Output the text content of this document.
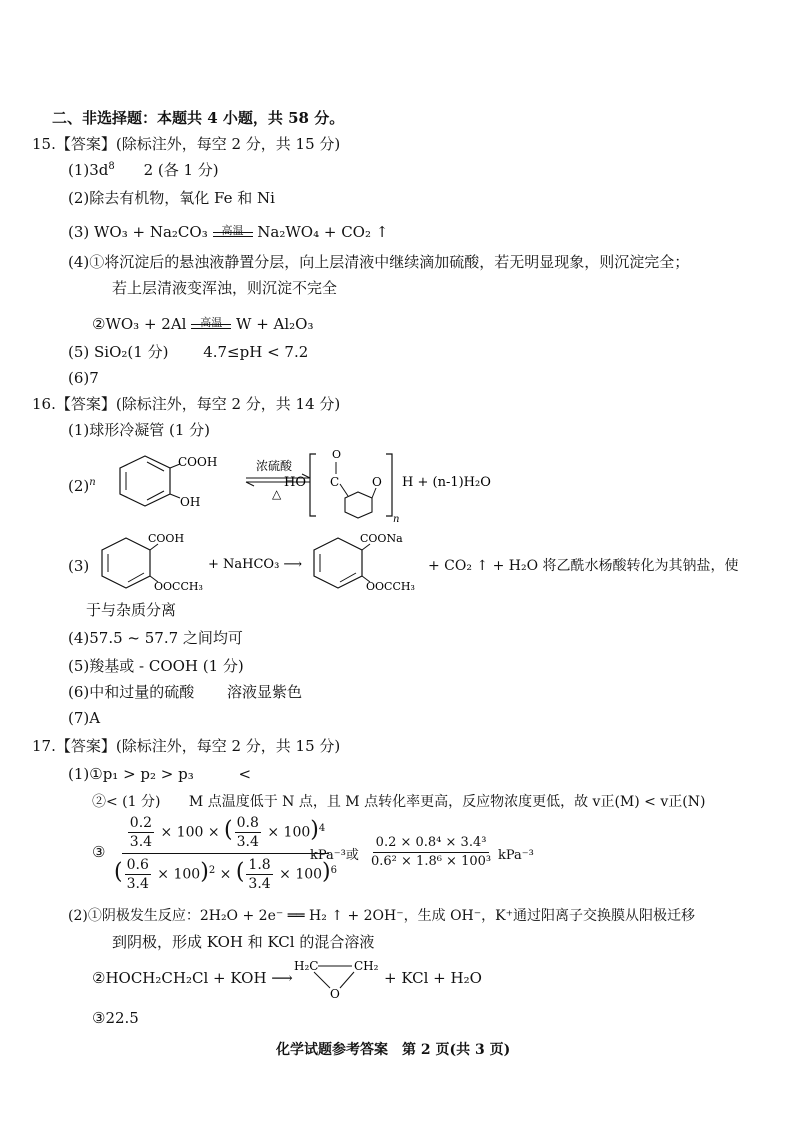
二、非选择题：本题共 4 小题，共 58 分。
15.【答案】(除标注外，每空 2 分，共 15 分)
$(1)3d^8$ 2 (各 1 分)
(2)除去有机物，氧化 Fe 和 Ni
(3) WO₃ + Na₂CO₃	高温 Na₂WO₄ + CO₂ ↑
(4)①将沉淀后的悬浊液静置分层，向上层清液中继续滴加硫酸，若无明显现象，则沉淀完全；
若上层清液变浑浊，则沉淀不完全
②WO₃ + 2Al	高温 W + Al₂O₃
(5) SiO₂(1 分) 4.7≤pH < 7.2
(6)7
16.【答案】(除标注外，每空 2 分，共 14 分)
(1)球形冷凝管 (1 分)
$(2)^n$
COOH
OH
浓硫酸
△
HO
O
C	O
n
H + (n-1)H₂O
(3)
COOH
OOCCH₃
+ NaHCO₃ ⟶
COONa
OOCCH₃
+ CO₂ ↑ + H₂O 将乙酰水杨酸转化为其钠盐，使
于与杂质分离
(4)57.5 ~ 57.7 之间均可
(5)羧基或 - COOH (1 分)
(6)中和过量的硫酸 溶液显紫色
(7)A
17.【答案】(除标注外，每空 2 分，共 15 分)
(1)①p₁ > p₂ > p₃	<
②< (1 分) M 点温度低于 N 点，且 M 点转化率更高，反应物浓度更低，故 v正(M) < v正(N)
③ $\frac{\frac{0.2}{3.4} \times 100 \times ( \frac{0.8}{3.4} \times 100)^4}{( \frac{0.6}{3.4} \times 100)^2 \times ( \frac{1.8}{3.4} \times 100)^6}$
kPa⁻³或
0.2 × 0.8⁴ × 3.4³
0.6² × 1.8⁶ × 100³ kPa⁻³
(2)①阴极发生反应：2H₂O + 2e⁻ ══ H₂ ↑ + 2OH⁻，生成 OH⁻，K⁺通过阳离子交换膜从阳极迁移
到阴极，形成 KOH 和 KCl 的混合溶液
②HOCH₂CH₂Cl + KOH ⟶
H₂C	CH₂
O
+ KCl + H₂O
③22.5
化学试题参考答案　第 2 页(共 3 页)
